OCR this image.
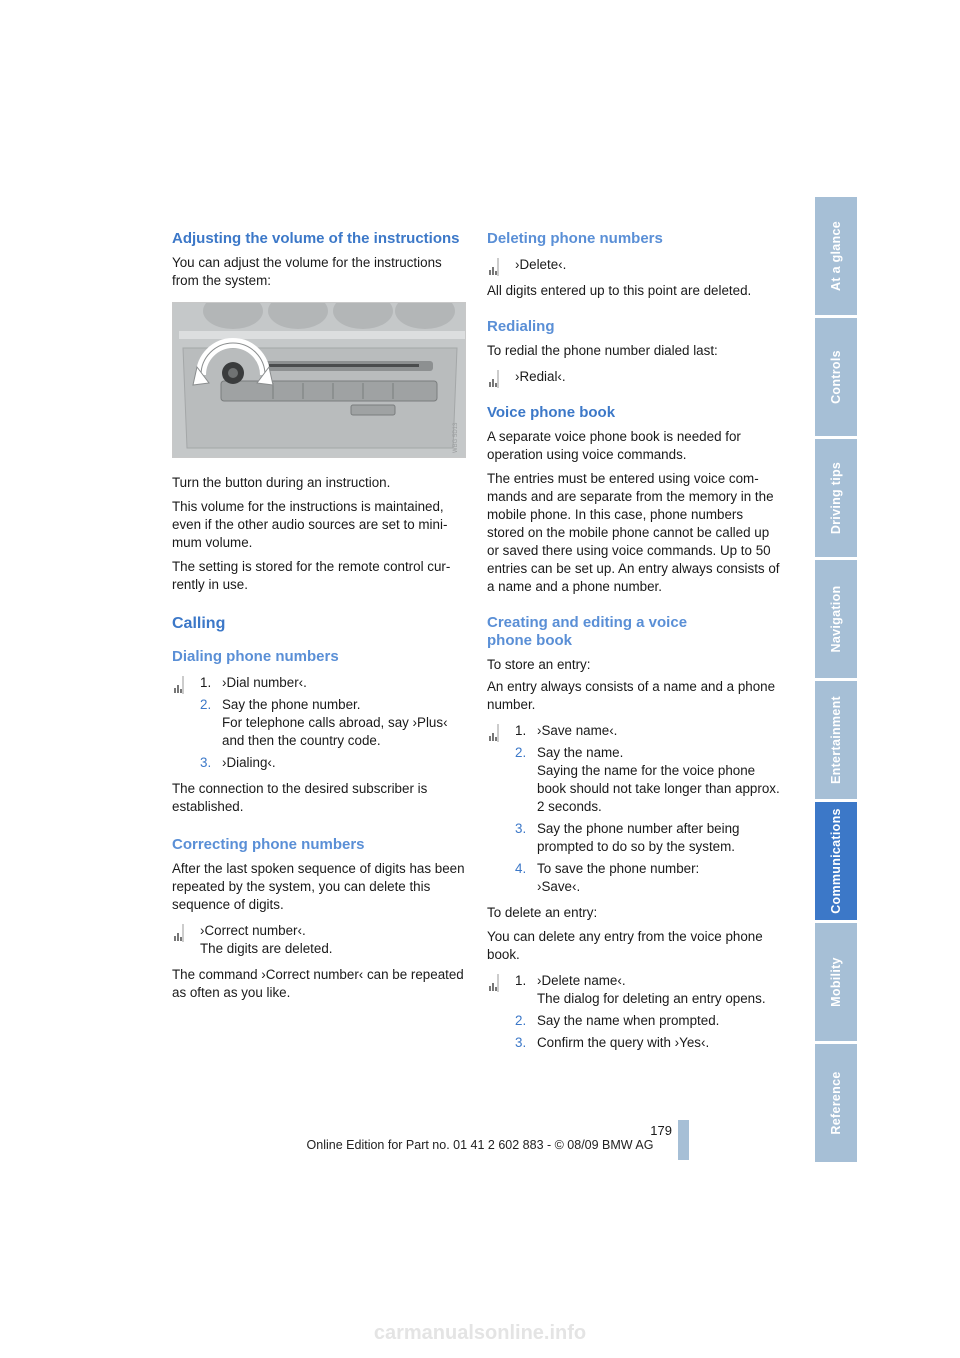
Adjusting the volume of the instructions

You can adjust the volume for the instructions from the system:

WBG 5D13

Turn the button during an instruction.

This volume for the instructions is maintained, even if the other audio sources are set to mini-mum volume.

The setting is stored for the remote control cur-rently in use.

Calling
Dialing phone numbers
1. ›Dial number‹.
2. Say the phone number.
For telephone calls abroad, say ›Plus‹ and then the country code.
3. ›Dialing‹.

The connection to the desired subscriber is established.

Correcting phone numbers

After the last spoken sequence of digits has been repeated by the system, you can delete this sequence of digits.

›Correct number‹.
The digits are deleted.

The command ›Correct number‹ can be repeated as often as you like.

Deleting phone numbers
›Delete‹.

All digits entered up to this point are deleted.

Redialing

To redial the phone number dialed last:

›Redial‹.
Voice phone book

A separate voice phone book is needed for operation using voice commands.

The entries must be entered using voice com-mands and are separate from the memory in the mobile phone. In this case, phone numbers stored on the mobile phone cannot be called up or saved there using voice commands. Up to 50 entries can be set up. An entry always consists of a name and a phone number.

Creating and editing a voice phone book

To store an entry:

An entry always consists of a name and a phone number.

1. ›Save name‹.
2. Say the name.
Saying the name for the voice phone book should not take longer than approx. 2 seconds.
3. Say the phone number after being prompted to do so by the system.
4. To save the phone number:
›Save‹.

To delete an entry:

You can delete any entry from the voice phone book.

1. ›Delete name‹.
The dialog for deleting an entry opens.
2. Say the name when prompted.
3. Confirm the query with ›Yes‹.
At a glance
Controls
Driving tips
Navigation
Entertainment
Communications
Mobility
Reference
179
Online Edition for Part no. 01 41 2 602 883 - © 08/09 BMW AG
carmanualsonline.info
